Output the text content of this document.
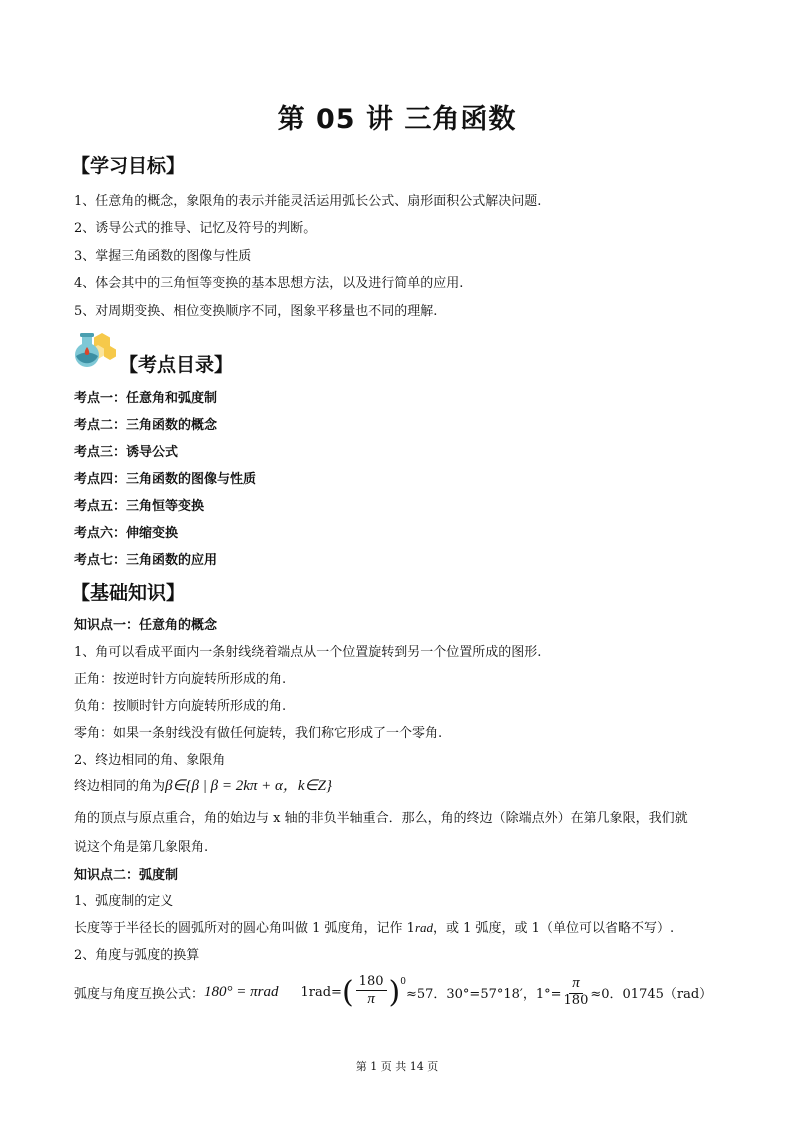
第 05 讲 三角函数
【学习目标】
1、任意角的概念，象限角的表示并能灵活运用弧长公式、扇形面积公式解决问题.
2、诱导公式的推导、记忆及符号的判断。
3、掌握三角函数的图像与性质
4、体会其中的三角恒等变换的基本思想方法，以及进行简单的应用.
5、对周期变换、相位变换顺序不同，图象平移量也不同的理解.
【考点目录】
考点一：任意角和弧度制
考点二：三角函数的概念
考点三：诱导公式
考点四：三角函数的图像与性质
考点五：三角恒等变换
考点六：伸缩变换
考点七：三角函数的应用
【基础知识】
知识点一：任意角的概念
1、角可以看成平面内一条射线绕着端点从一个位置旋转到另一个位置所成的图形.
正角：按逆时针方向旋转所形成的角.
负角：按顺时针方向旋转所形成的角.
零角：如果一条射线没有做任何旋转，我们称它形成了一个零角.
2、终边相同的角、象限角
终边相同的角为β∈{β | β = 2kπ + α，k∈Z}
角的顶点与原点重合，角的始边与 x 轴的非负半轴重合．那么，角的终边（除端点外）在第几象限，我们就
说这个角是第几象限角.
知识点二：弧度制
1、弧度制的定义
长度等于半径长的圆弧所对的圆心角叫做 1 弧度角，记作 1rad，或 1 弧度，或 1（单位可以省略不写）.
2、角度与弧度的换算
弧度与角度互换公式： 180° = πrad 1rad= ( $\frac{180}{\pi}$ ) 0
≈57．30°=57°18′，$1^\circ= \frac{\pi}{180} \approx 0$．01745（rad）
第 1 页 共 14 页
